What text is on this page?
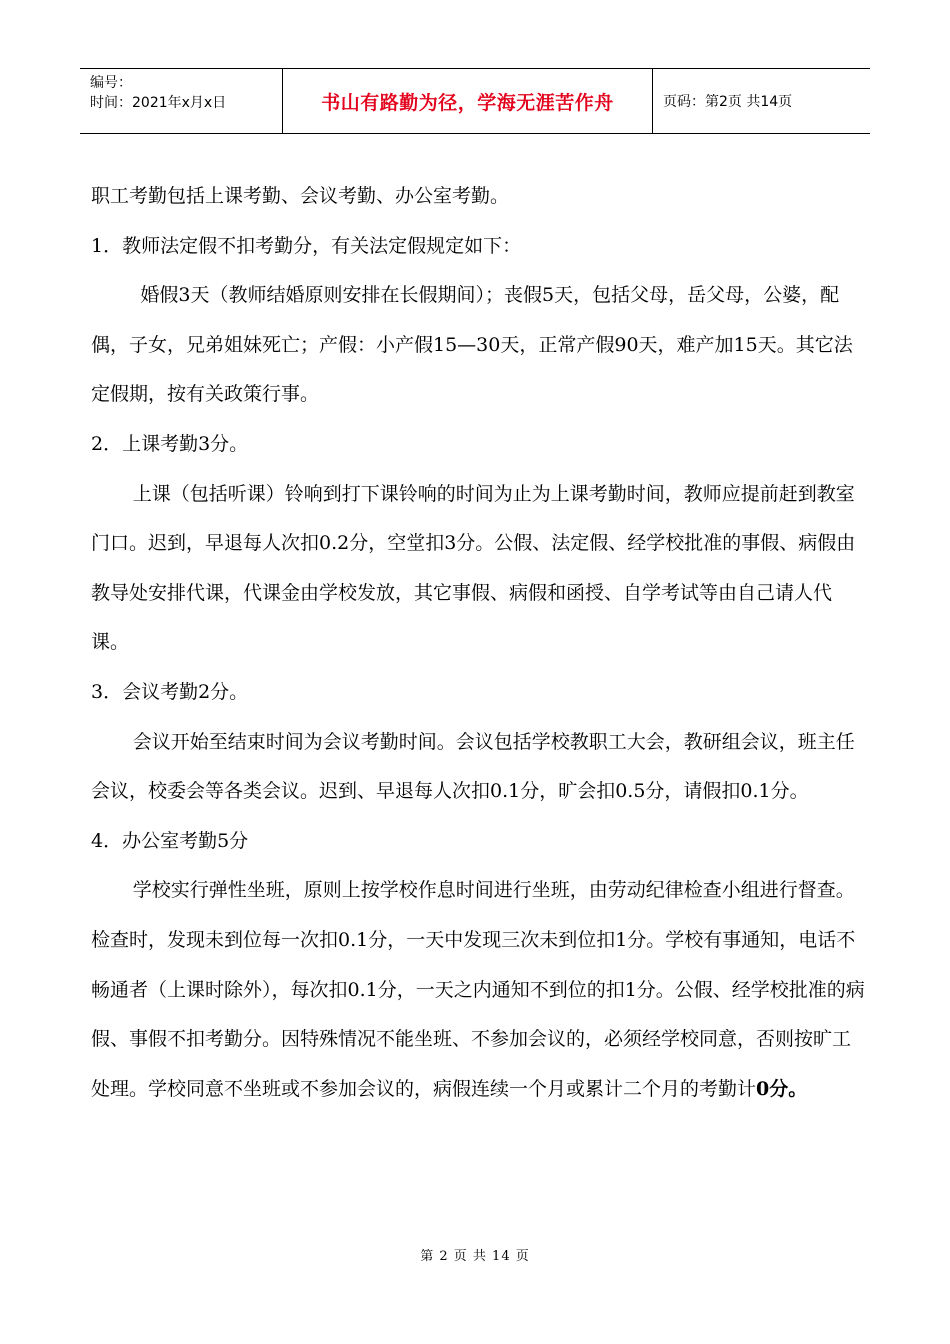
编号：
时间：2021年x月x日	书山有路勤为径，学海无涯苦作舟	页码：第2页 共14页

职工考勤包括上课考勤、会议考勤、办公室考勤。

1．教师法定假不扣考勤分，有关法定假规定如下：

婚假3天（教师结婚原则安排在长假期间）；丧假5天，包括父母，岳父母，公婆，配偶，子女，兄弟姐妹死亡；产假：小产假15—30天，正常产假90天，难产加15天。其它法定假期，按有关政策行事。

2．上课考勤3分。

上课（包括听课）铃响到打下课铃响的时间为止为上课考勤时间，教师应提前赶到教室门口。迟到，早退每人次扣0.2分，空堂扣3分。公假、法定假、经学校批准的事假、病假由教导处安排代课，代课金由学校发放，其它事假、病假和函授、自学考试等由自己请人代课。

3．会议考勤2分。

会议开始至结束时间为会议考勤时间。会议包括学校教职工大会，教研组会议，班主任会议，校委会等各类会议。迟到、早退每人次扣0.1分，旷会扣0.5分，请假扣0.1分。

4．办公室考勤5分

学校实行弹性坐班，原则上按学校作息时间进行坐班，由劳动纪律检查小组进行督查。检查时，发现未到位每一次扣0.1分，一天中发现三次未到位扣1分。学校有事通知，电话不畅通者（上课时除外），每次扣0.1分，一天之内通知不到位的扣1分。公假、经学校批准的病假、事假不扣考勤分。因特殊情况不能坐班、不参加会议的，必须经学校同意，否则按旷工处理。学校同意不坐班或不参加会议的，病假连续一个月或累计二个月的考勤计0分。

第 2 页 共 14 页
